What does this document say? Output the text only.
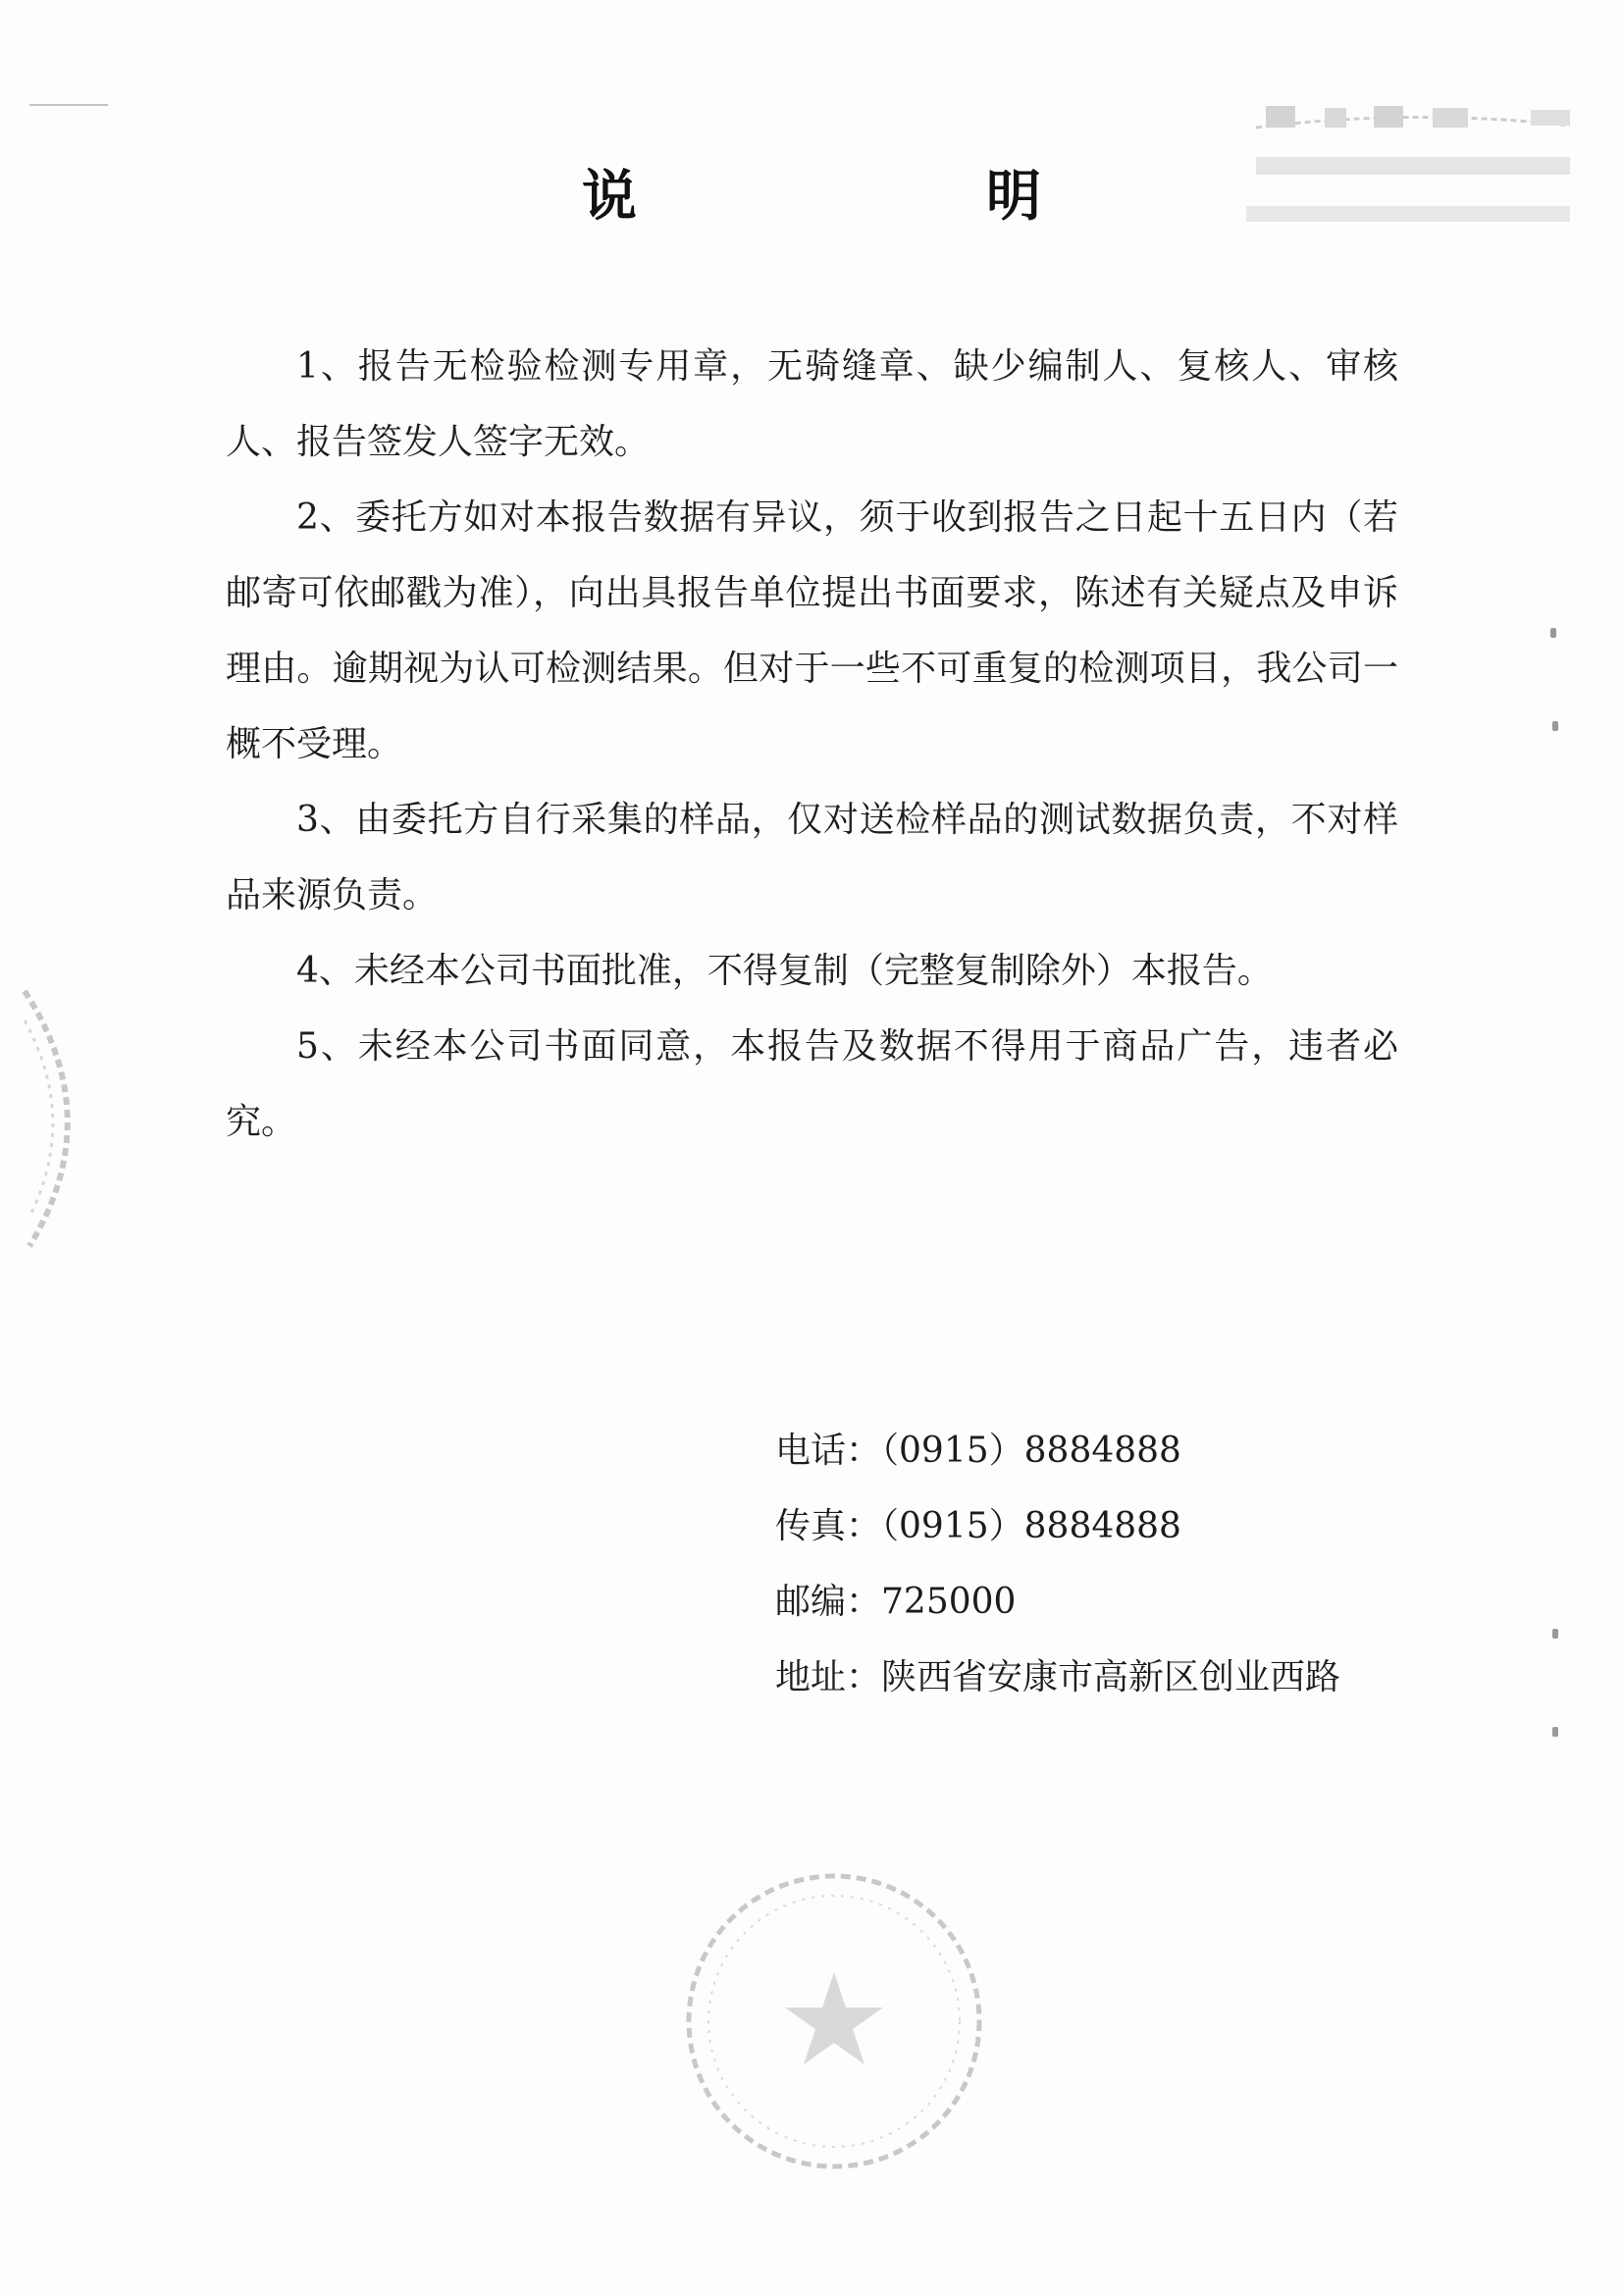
说　明

1、报告无检验检测专用章，无骑缝章、缺少编制人、复核人、审核人、报告签发人签字无效。

2、委托方如对本报告数据有异议，须于收到报告之日起十五日内（若邮寄可依邮戳为准），向出具报告单位提出书面要求，陈述有关疑点及申诉理由。逾期视为认可检测结果。但对于一些不可重复的检测项目，我公司一概不受理。

3、由委托方自行采集的样品，仅对送检样品的测试数据负责，不对样品来源负责。

4、未经本公司书面批准，不得复制（完整复制除外）本报告。

5、未经本公司书面同意，本报告及数据不得用于商品广告，违者必究。

电话：（0915）8884888
传真：（0915）8884888
邮编：725000
地址：陕西省安康市高新区创业西路
